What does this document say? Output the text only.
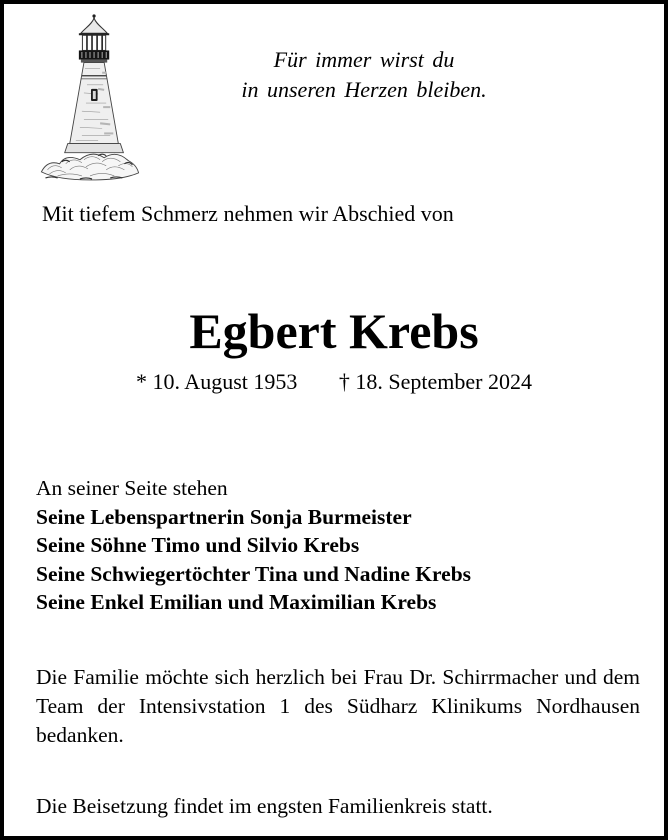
Für immer wirst du
in unseren Herzen bleiben.
Mit tiefem Schmerz nehmen wir Abschied von
Egbert Krebs
* 10. August 1953 † 18. September 2024
An seiner Seite stehen
Seine Lebenspartnerin Sonja Burmeister
Seine Söhne Timo und Silvio Krebs
Seine Schwiegertöchter Tina und Nadine Krebs
Seine Enkel Emilian und Maximilian Krebs
Die Familie möchte sich herzlich bei Frau Dr. Schirrmacher und dem Team der Intensivstation 1 des Südharz Klinikums Nordhausen bedanken.
Die Beisetzung findet im engsten Familienkreis statt.
